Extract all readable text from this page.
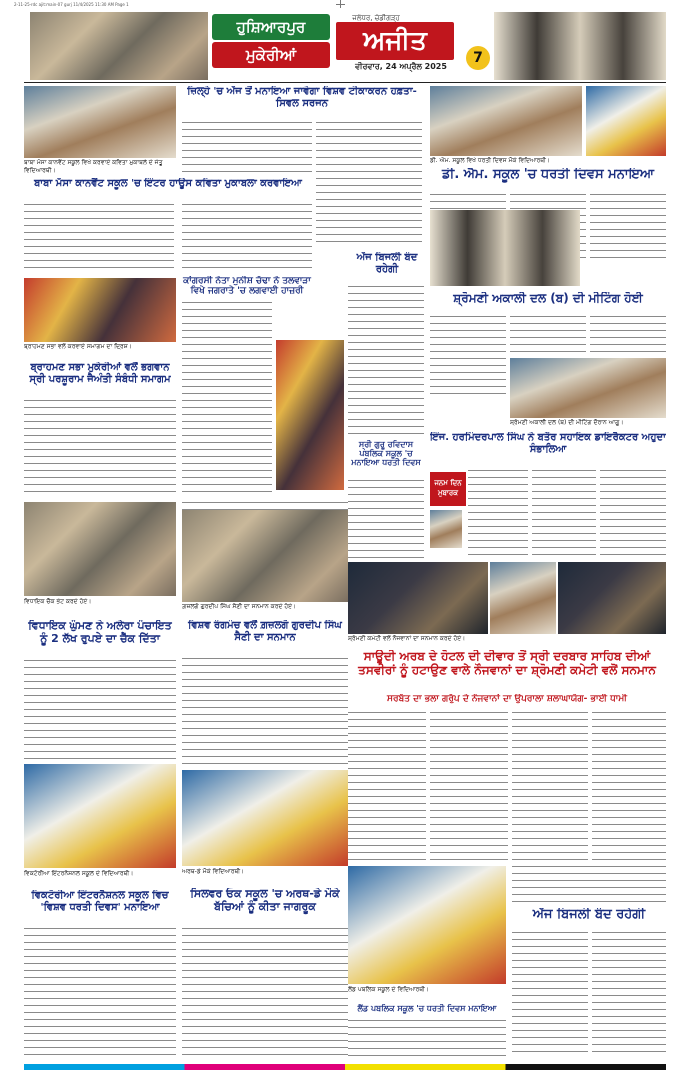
2-11-25-rdc ajit:main-07 gurj 11/4/2025 11:30 AM Page 1
ਹੁਸ਼ਿਆਰਪੁਰ
ਮੁਕੇਰੀਆਂ
ਜਲੰਧਰ, ਚੰਡੀਗੜ੍ਹ
ਅਜੀਤ
ਵੀਰਵਾਰ, 24 ਅਪ੍ਰੈਲ 2025
7
ਬਾਬਾ ਮੱਸਾ ਕਾਨਵੈਂਟ ਸਕੂਲ ਵਿਖੇ ਕਰਵਾਏ ਕਵਿਤਾ ਮੁਕਾਬਲੇ ਦੇ ਜੇਤੂ ਵਿਦਿਆਰਥੀ।
ਬਾਬਾ ਮੱਸਾ ਕਾਨਵੈਂਟ ਸਕੂਲ 'ਚ ਇੰਟਰ ਹਾਊਸ ਕਵਿਤਾ ਮੁਕਾਬਲਾ ਕਰਵਾਇਆ
ਬ੍ਰਾਹਮਣ ਸਭਾ ਵਲੋਂ ਕਰਵਾਏ ਸਮਾਗਮ ਦਾ ਦ੍ਰਿਸ਼।
ਬ੍ਰਾਹਮਣ ਸਭਾ ਮੁਕੇਰੀਆਂ ਵਲੋਂ ਭਗਵਾਨ ਸ੍ਰੀ ਪਰਸ਼ੂਰਾਮ ਜੈਅੰਤੀ ਸੰਬੰਧੀ ਸਮਾਗਮ
ਵਿਧਾਇਕ ਚੈੱਕ ਭੇਟ ਕਰਦੇ ਹੋਏ।
ਵਿਧਾਇਕ ਘੁੰਮਣ ਨੇ ਅਲੇਰਾ ਪੰਚਾਇਤ ਨੂੰ 2 ਲੱਖ ਰੁਪਏ ਦਾ ਚੈੱਕ ਦਿੱਤਾ
ਵਿਕਟੋਰੀਆ ਇੰਟਰਨੈਸ਼ਨਲ ਸਕੂਲ ਦੇ ਵਿਦਿਆਰਥੀ।
ਵਿਕਟੋਰੀਆ ਇੰਟਰਨੈਸ਼ਨਲ ਸਕੂਲ ਵਿਚ 'ਵਿਸ਼ਵ ਧਰਤੀ ਦਿਵਸ' ਮਨਾਇਆ
ਜ਼ਿਲ੍ਹੇ 'ਚ ਅੱਜ ਤੋਂ ਮਨਾਇਆ ਜਾਵੇਗਾ ਵਿਸ਼ਵ ਟੀਕਾਕਰਨ ਹਫ਼ਤਾ- ਸਿਵਲ ਸਰਜਨ
ਕਾਂਗਰਸੀ ਨੇਤਾ ਮੁਨੀਸ਼ ਚੱਢਾ ਨੇ ਤਲਵਾੜਾ ਵਿਖੇ ਜਗਰਾਤੇ 'ਚ ਲਗਵਾਈ ਹਾਜ਼ਰੀ
ਗ਼ਜ਼ਲਗੋ ਗੁਰਦੀਪ ਸਿੰਘ ਸੈਣੀ ਦਾ ਸਨਮਾਨ ਕਰਦੇ ਹੋਏ।
ਵਿਸ਼ਵ ਰੰਗਮੰਚ ਵਲੋਂ ਗ਼ਜ਼ਲਗੋ ਗੁਰਦੀਪ ਸਿੰਘ ਸੈਣੀ ਦਾ ਸਨਮਾਨ
ਅਰਥ-ਡੇ ਮੌਕੇ ਵਿਦਿਆਰਥੀ।
ਸਿਲਵਰ ਓਕ ਸਕੂਲ 'ਚ ਅਰਥ-ਡੇ ਮੌਕੇ ਬੱਚਿਆਂ ਨੂੰ ਕੀਤਾ ਜਾਗਰੂਕ
ਅੱਜ ਬਿਜਲੀ ਬੰਦ ਰਹੇਗੀ
ਸ੍ਰੀ ਗੁਰੂ ਰਵਿਦਾਸ ਪਬਲਿਕ ਸਕੂਲ 'ਚ ਮਨਾਇਆ ਧਰਤੀ ਦਿਵਸ
ਡੀ. ਐਮ. ਸਕੂਲ ਵਿਖੇ ਧਰਤੀ ਦਿਵਸ ਮੌਕੇ ਵਿਦਿਆਰਥੀ।
ਡੀ. ਐਮ. ਸਕੂਲ 'ਚ ਧਰਤੀ ਦਿਵਸ ਮਨਾਇਆ
ਸ਼੍ਰੋਮਣੀ ਅਕਾਲੀ ਦਲ (ਬ) ਦੀ ਮੀਟਿੰਗ ਹੋਈ
ਸ਼੍ਰੋਮਣੀ ਅਕਾਲੀ ਦਲ (ਬ) ਦੀ ਮੀਟਿੰਗ ਦੌਰਾਨ ਆਗੂ।
ਇੰਜ. ਹਰਮਿੰਦਰਪਾਲ ਸਿੰਘ ਨੇ ਬਤੌਰ ਸਹਾਇਕ ਡਾਇਰੈਕਟਰ ਅਹੁਦਾ ਸੰਭਾਲਿਆ
ਜਨਮ ਦਿਨ ਮੁਬਾਰਕ
ਸ਼੍ਰੋਮਣੀ ਕਮੇਟੀ ਵਲੋਂ ਨੌਜਵਾਨਾਂ ਦਾ ਸਨਮਾਨ ਕਰਦੇ ਹੋਏ।
ਸਾਊਦੀ ਅਰਬ ਦੇ ਹੋਟਲ ਦੀ ਦੀਵਾਰ ਤੋਂ ਸ੍ਰੀ ਦਰਬਾਰ ਸਾਹਿਬ ਦੀਆਂ ਤਸਵੀਰਾਂ ਨੂੰ ਹਟਾਉਣ ਵਾਲੇ ਨੌਜਵਾਨਾਂ ਦਾ ਸ਼੍ਰੋਮਣੀ ਕਮੇਟੀ ਵਲੋਂ ਸਨਮਾਨ
ਸਰਬੱਤ ਦਾ ਭਲਾ ਗਰੁੱਪ ਦੇ ਨੌਜਵਾਨਾਂ ਦਾ ਉਪਰਾਲਾ ਸ਼ਲਾਘਾਯੋਗ- ਭਾਈ ਧਾਮੀ
ਲੈਂਡ ਪਬਲਿਕ ਸਕੂਲ ਦੇ ਵਿਦਿਆਰਥੀ।
ਲੈਂਡ ਪਬਲਿਕ ਸਕੂਲ 'ਚ ਧਰਤੀ ਦਿਵਸ ਮਨਾਇਆ
ਅੱਜ ਬਿਜਲੀ ਬੰਦ ਰਹੇਗੀ
